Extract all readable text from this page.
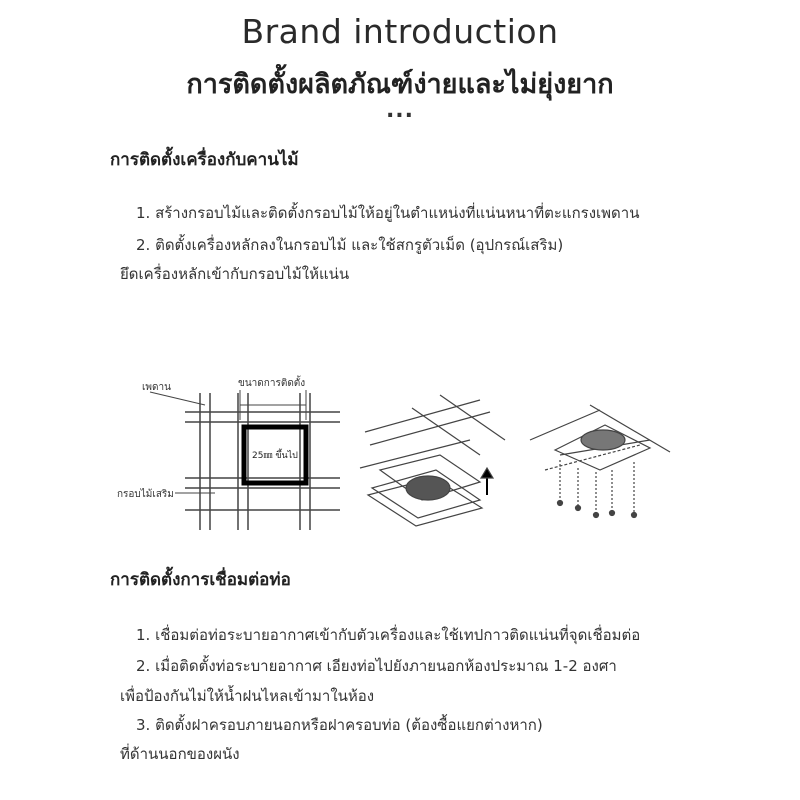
Brand introduction
การติดตั้งผลิตภัณฑ์ง่ายและไม่ยุ่งยาก
...
การติดตั้งเครื่องกับคานไม้
1. สร้างกรอบไม้และติดตั้งกรอบไม้ให้อยู่ในตำแหน่งที่แน่นหนาที่ตะแกรงเพดาน
2. ติดตั้งเครื่องหลักลงในกรอบไม้ และใช้สกรูตัวเม็ด (อุปกรณ์เสริม)
ยึดเครื่องหลักเข้ากับกรอบไม้ให้แน่น
เพดาน	ขนาดการติดตั้ง
25㎜ ขึ้นไป
กรอบไม้เสริม
การติดตั้งการเชื่อมต่อท่อ
1. เชื่อมต่อท่อระบายอากาศเข้ากับตัวเครื่องและใช้เทปกาวติดแน่นที่จุดเชื่อมต่อ
2. เมื่อติดตั้งท่อระบายอากาศ เอียงท่อไปยังภายนอกห้องประมาณ 1-2 องศา
เพื่อป้องกันไม่ให้น้ำฝนไหลเข้ามาในห้อง
3. ติดตั้งฝาครอบภายนอกหรือฝาครอบท่อ (ต้องซื้อแยกต่างหาก)
ที่ด้านนอกของผนัง
